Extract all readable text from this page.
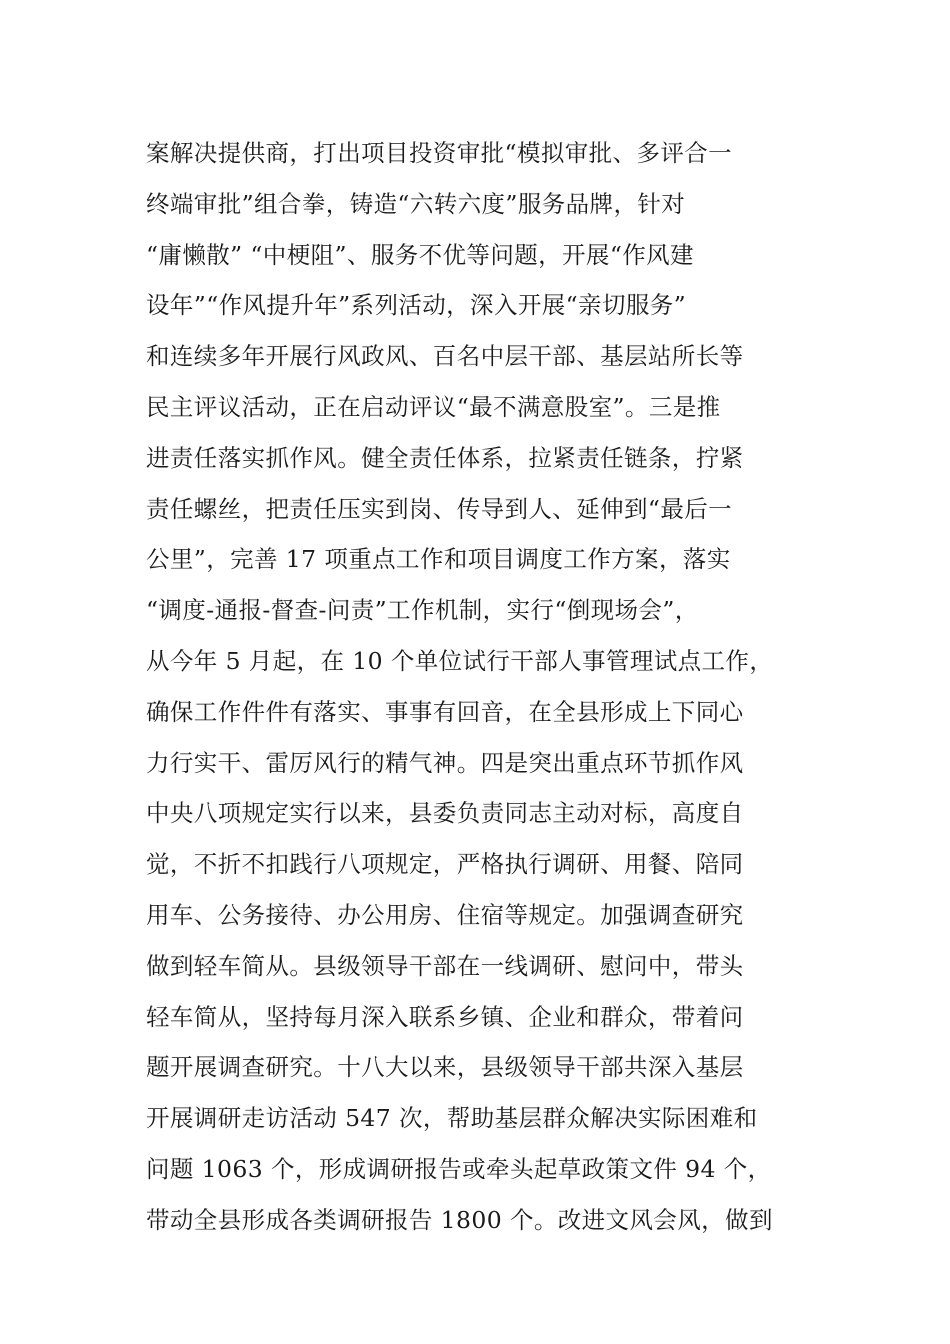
案解决提供商，打出项目投资审批“模拟审批、多评合一
终端审批”组合拳，铸造“六转六度”服务品牌，针对
“庸懒散” “中梗阻”、服务不优等问题，开展“作风建
设年”“作风提升年”系列活动，深入开展“亲切服务”
和连续多年开展行风政风、百名中层干部、基层站所长等
民主评议活动，正在启动评议“最不满意股室”。三是推
进责任落实抓作风。健全责任体系，拉紧责任链条，拧紧
责任螺丝，把责任压实到岗、传导到人、延伸到“最后一
公里”，完善 17 项重点工作和项目调度工作方案，落实
“调度-通报-督查-问责”工作机制，实行“倒现场会”，
从今年 5 月起，在 10 个单位试行干部人事管理试点工作，
确保工作件件有落实、事事有回音，在全县形成上下同心
力行实干、雷厉风行的精气神。四是突出重点环节抓作风
中央八项规定实行以来，县委负责同志主动对标，高度自
觉，不折不扣践行八项规定，严格执行调研、用餐、陪同
用车、公务接待、办公用房、住宿等规定。加强调查研究
做到轻车简从。县级领导干部在一线调研、慰问中，带头
轻车简从，坚持每月深入联系乡镇、企业和群众，带着问
题开展调查研究。十八大以来，县级领导干部共深入基层
开展调研走访活动 547 次，帮助基层群众解决实际困难和
问题 1063 个，形成调研报告或牵头起草政策文件 94 个，
带动全县形成各类调研报告 1800 个。改进文风会风，做到
